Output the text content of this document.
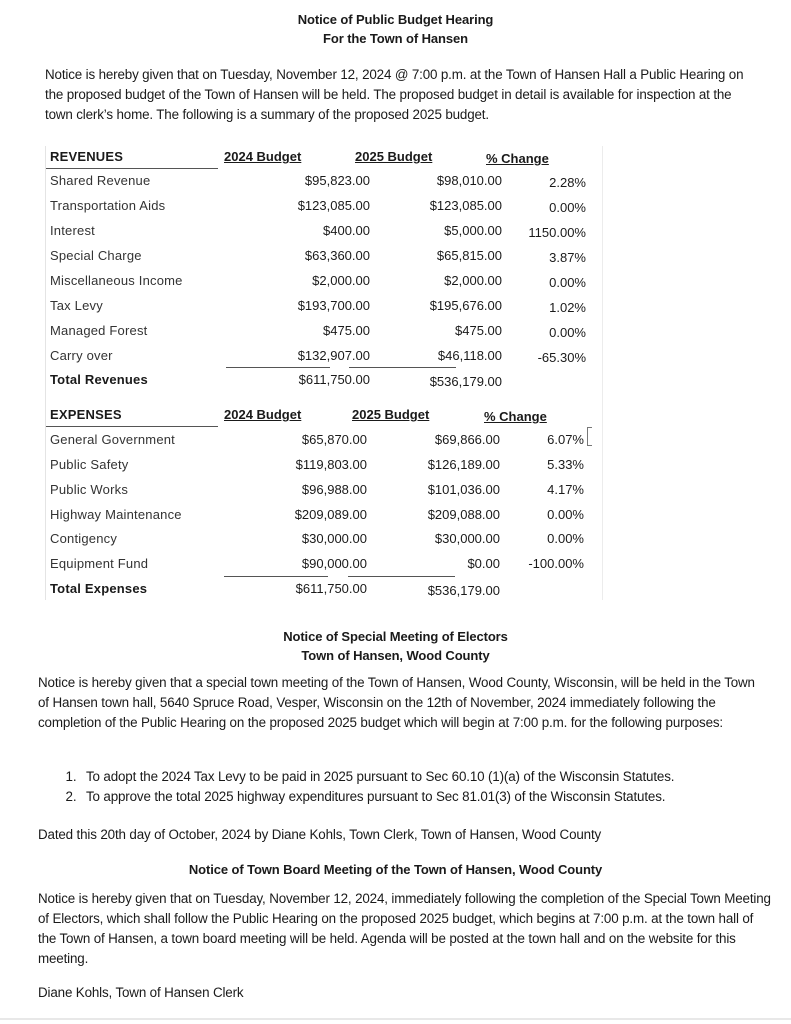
Notice of Public Budget Hearing
For the Town of Hansen
Notice is hereby given that on Tuesday, November 12, 2024 @ 7:00 p.m. at the Town of Hansen Hall a Public Hearing on the proposed budget of the Town of Hansen will be held. The proposed budget in detail is available for inspection at the town clerk’s home. The following is a summary of the proposed 2025 budget.
REVENUES	2024 Budget	2025 Budget	% Change
Shared Revenue	$95,823.00	$98,010.00	2.28%
Transportation Aids	$123,085.00	$123,085.00	0.00%
Interest	$400.00	$5,000.00 1150.00%
Special Charge	$63,360.00	$65,815.00	3.87%
Miscellaneous Income	$2,000.00	$2,000.00	0.00%
Tax Levy	$193,700.00	$195,676.00	1.02%
Managed Forest	$475.00	$475.00	0.00%
Carry over	$132,907.00	$46,118.00	-65.30%
Total Revenues	$611,750.00	$536,179.00
EXPENSES	2024 Budget	2025 Budget	% Change
General Government	$65,870.00	$69,866.00	6.07%
Public Safety	$119,803.00	$126,189.00	5.33%
Public Works	$96,988.00	$101,036.00	4.17%
Highway Maintenance	$209,089.00	$209,088.00	0.00%
Contigency	$30,000.00	$30,000.00	0.00%
Equipment Fund	$90,000.00	$0.00 -100.00%
Total Expenses	$611,750.00	$536,179.00
Notice of Special Meeting of Electors
Town of Hansen, Wood County
Notice is hereby given that a special town meeting of the Town of Hansen, Wood County, Wisconsin, will be held in the Town of Hansen town hall, 5640 Spruce Road, Vesper, Wisconsin on the 12th of November, 2024 immediately following the completion of the Public Hearing on the proposed 2025 budget which will begin at 7:00 p.m. for the following purposes:
1. To adopt the 2024 Tax Levy to be paid in 2025 pursuant to Sec 60.10 (1)(a) of the Wisconsin Statutes.
2. To approve the total 2025 highway expenditures pursuant to Sec 81.01(3) of the Wisconsin Statutes.
Dated this 20th day of October, 2024 by Diane Kohls, Town Clerk, Town of Hansen, Wood County
Notice of Town Board Meeting of the Town of Hansen, Wood County
Notice is hereby given that on Tuesday, November 12, 2024, immediately following the completion of the Special Town Meeting of Electors, which shall follow the Public Hearing on the proposed 2025 budget, which begins at 7:00 p.m. at the town hall of the Town of Hansen, a town board meeting will be held. Agenda will be posted at the town hall and on the website for this meeting.
Diane Kohls, Town of Hansen Clerk
